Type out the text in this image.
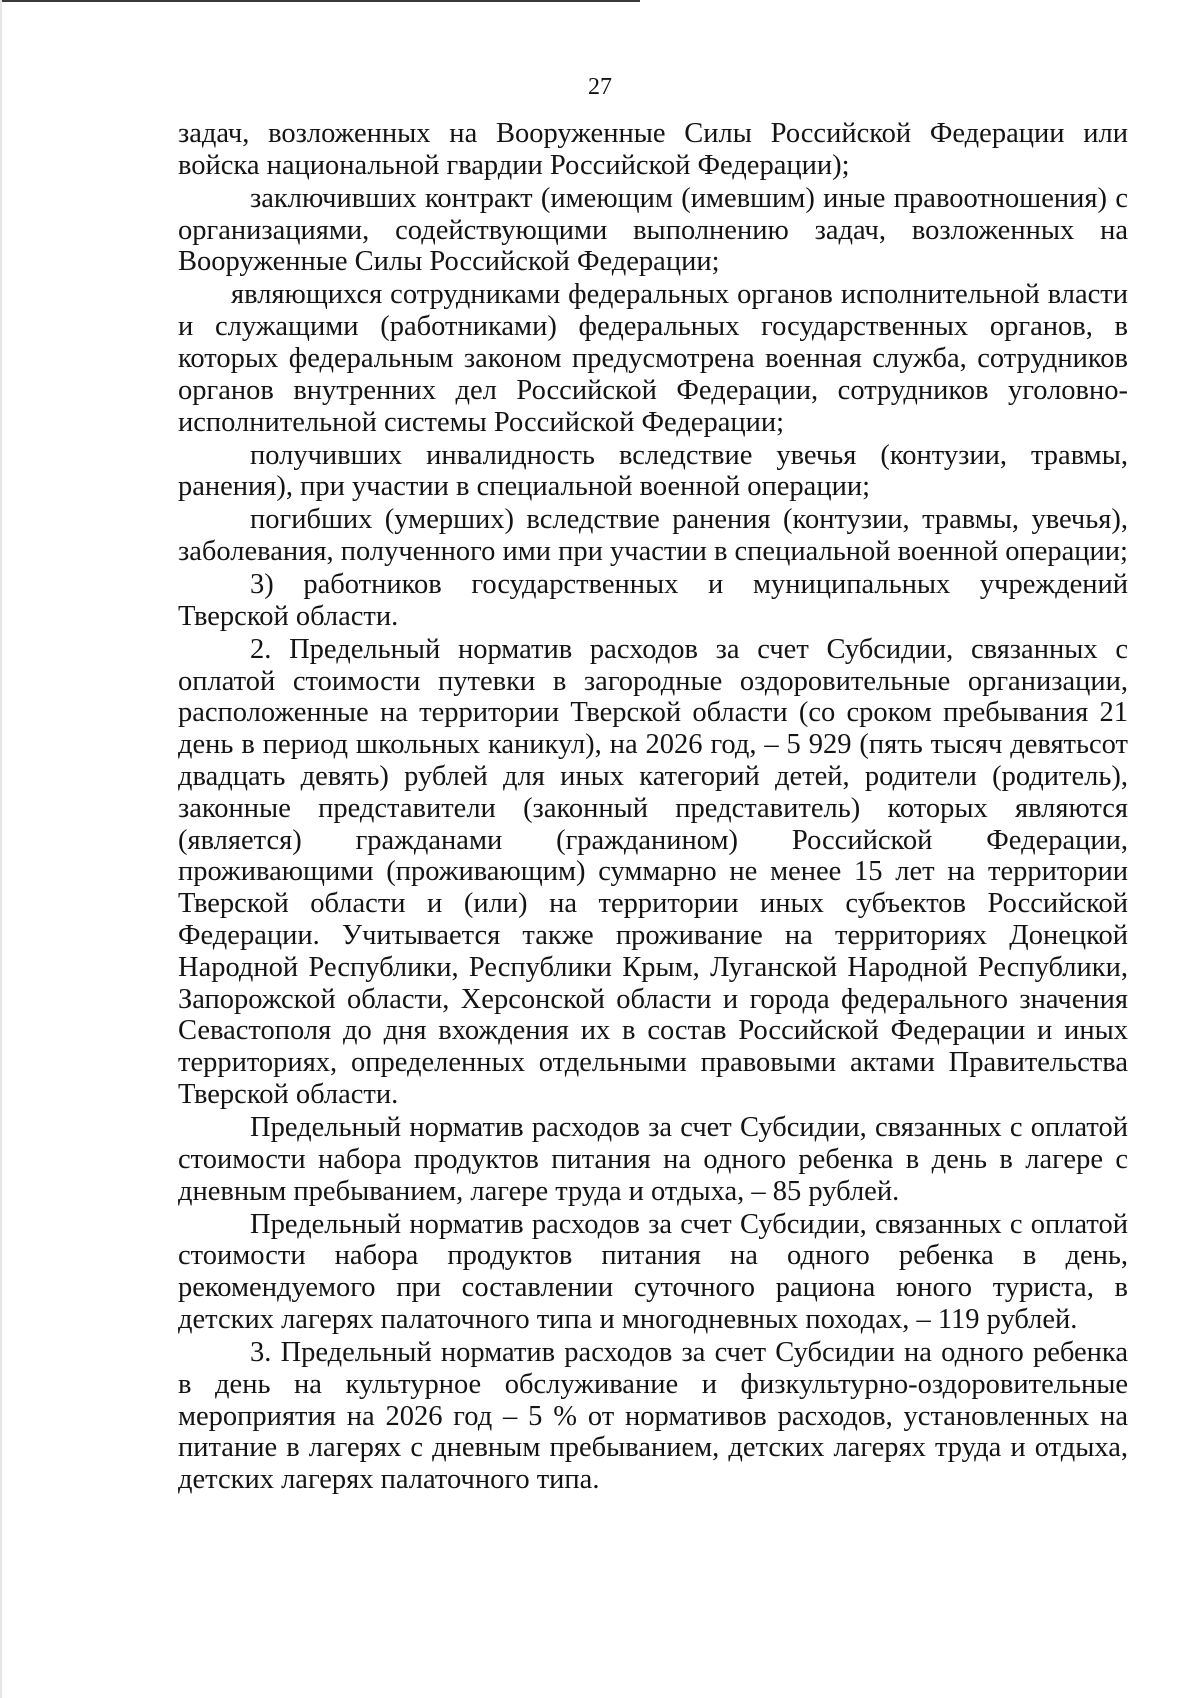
27

задач, возложенных на Вооруженные Силы Российской Федерации или войска национальной гвардии Российской Федерации);

заключивших контракт (имеющим (имевшим) иные правоотношения) с организациями, содействующими выполнению задач, возложенных на Вооруженные Силы Российской Федерации;

являющихся сотрудниками федеральных органов исполнительной власти и служащими (работниками) федеральных государственных органов, в которых федеральным законом предусмотрена военная служба, сотрудников органов внутренних дел Российской Федерации, сотрудников уголовно-исполнительной системы Российской Федерации;

получивших инвалидность вследствие увечья (контузии, травмы, ранения), при участии в специальной военной операции;

погибших (умерших) вследствие ранения (контузии, травмы, увечья), заболевания, полученного ими при участии в специальной военной операции;

3) работников государственных и муниципальных учреждений Тверской области.

2. Предельный норматив расходов за счет Субсидии, связанных с оплатой стоимости путевки в загородные оздоровительные организации, расположенные на территории Тверской области (со сроком пребывания 21 день в период школьных каникул), на 2026 год, – 5 929 (пять тысяч девятьсот двадцать девять) рублей для иных категорий детей, родители (родитель), законные представители (законный представитель) которых являются (является) гражданами (гражданином) Российской Федерации, проживающими (проживающим) суммарно не менее 15 лет на территории Тверской области и (или) на территории иных субъектов Российской Федерации. Учитывается также проживание на территориях Донецкой Народной Республики, Республики Крым, Луганской Народной Республики, Запорожской области, Херсонской области и города федерального значения Севастополя до дня вхождения их в состав Российской Федерации и иных территориях, определенных отдельными правовыми актами Правительства Тверской области.

Предельный норматив расходов за счет Субсидии, связанных с оплатой стоимости набора продуктов питания на одного ребенка в день в лагере с дневным пребыванием, лагере труда и отдыха, – 85 рублей.

Предельный норматив расходов за счет Субсидии, связанных с оплатой стоимости набора продуктов питания на одного ребенка в день, рекомендуемого при составлении суточного рациона юного туриста, в детских лагерях палаточного типа и многодневных походах, – 119 рублей.

3. Предельный норматив расходов за счет Субсидии на одного ребенка в день на культурное обслуживание и физкультурно-оздоровительные мероприятия на 2026 год – 5 % от нормативов расходов, установленных на питание в лагерях с дневным пребыванием, детских лагерях труда и отдыха, детских лагерях палаточного типа.
